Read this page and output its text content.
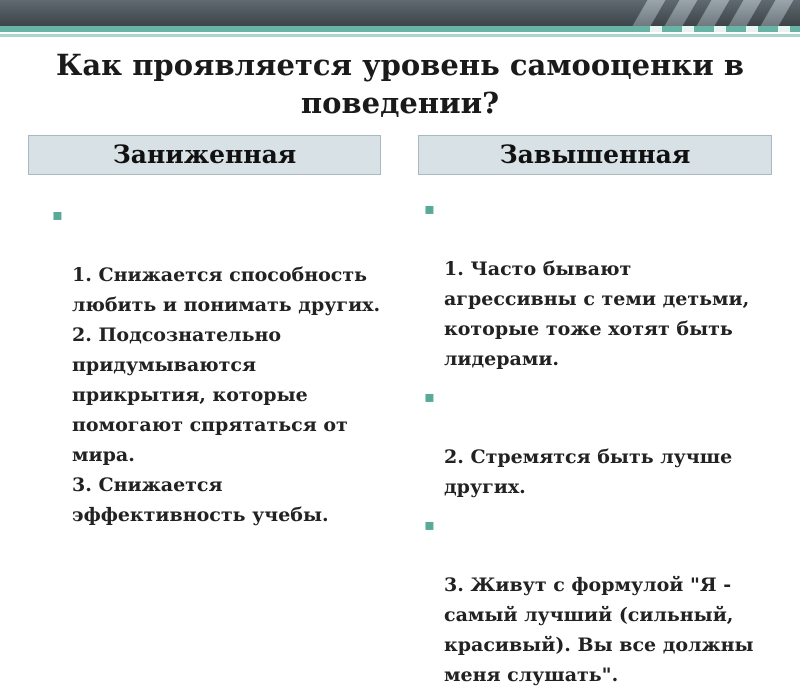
Как проявляется уровень самооценки в поведении?
Заниженная	Завышенная

▪

1. Снижается способность любить и понимать других.
2. Подсознательно придумываются прикрытия, которые помогают спрятаться от мира.
3. Снижается эффективность учебы.

▪

1. Часто бывают агрессивны с теми детьми, которые тоже хотят быть лидерами.

▪

2. Стремятся быть лучше других.

▪

3. Живут с формулой "Я - самый лучший (сильный, красивый). Вы все должны меня слушать".
